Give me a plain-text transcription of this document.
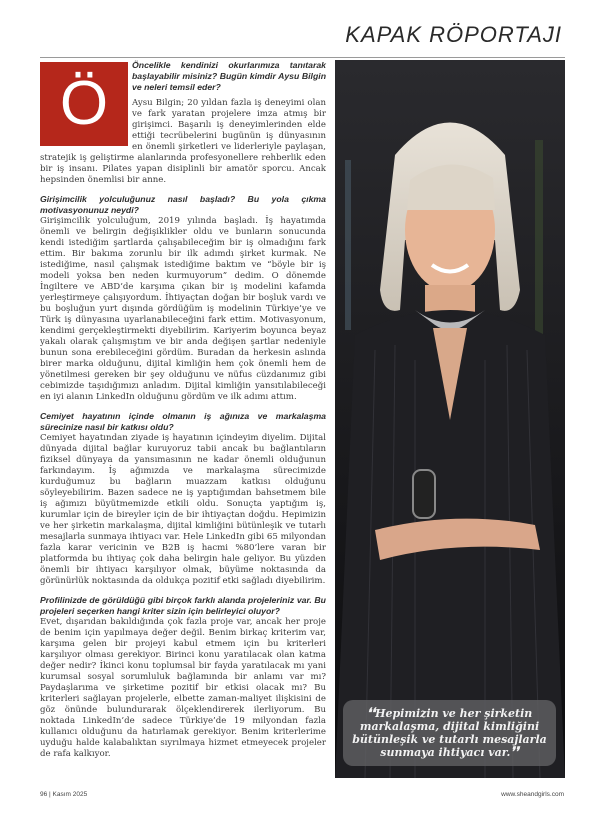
KAPAK RÖPORTAJI

Öncelikle kendinizi okurlarımıza tanıtarak başlayabilir misiniz? Bugün kimdir Aysu Bilgin ve neleri temsil eder?

Aysu Bilgin; 20 yıldan fazla iş deneyimi olan ve fark yaratan projelere imza atmış bir girişimci. Başarılı iş deneyimlerinden elde ettiği tecrübelerini bugünün iş dünyasının en önemli şirketleri ve liderleriyle paylaşan, stratejik iş geliştirme alanlarında profesyonellere rehberlik eden bir iş insanı. Pilates yapan disiplinli bir amatör sporcu. Ancak hepsinden önemlisi bir anne.

Girişimcilik yolculuğunuz nasıl başladı? Bu yola çıkma motivasyonunuz neydi?

Girişimcilik yolculuğum, 2019 yılında başladı. İş hayatımda önemli ve belirgin değişiklikler oldu ve bunların sonucunda kendi istediğim şartlarda çalışabileceğim bir iş olmadığını fark ettim. Bir bakıma zorunlu bir ilk adımdı şirket kurmak. Ne istediğime, nasıl çalışmak istediğime baktım ve “böyle bir iş modeli yoksa ben neden kurmuyorum” dedim. O dönemde İngiltere ve ABD’de karşıma çıkan bir iş modelini kafamda yerleştirmeye çalışıyordum. İhtiyaçtan doğan bir boşluk vardı ve bu boşluğun yurt dışında gördüğüm iş modelinin Türkiye’ye ve Türk iş dünyasına uyarlanabileceğini fark ettim. Motivasyonum, kendimi gerçekleştirmekti diyebilirim. Kariyerim boyunca beyaz yakalı olarak çalışmıştım ve bir anda değişen şartlar nedeniyle bunun sona erebileceğini gördüm. Buradan da herkesin aslında birer marka olduğunu, dijital kimliğin hem çok önemli hem de yönetilmesi gereken bir şey olduğunu ve nüfus cüzdanımız gibi cebimizde taşıdığımızı anladım. Dijital kimliğin yansıtılabileceği en iyi alanın LinkedIn olduğunu gördüm ve ilk adımı attım.

Cemiyet hayatının içinde olmanın iş ağınıza ve markalaşma sürecinize nasıl bir katkısı oldu?

Cemiyet hayatından ziyade iş hayatının içindeyim diyelim. Dijital dünyada dijital bağlar kuruyoruz tabii ancak bu bağlantıların fiziksel dünyaya da yansımasının ne kadar önemli olduğunun farkındayım. İş ağımızda ve markalaşma sürecimizde kurduğumuz bu bağların muazzam katkısı olduğunu söyleyebilirim. Bazen sadece ne iş yaptığımdan bahsetmem bile iş ağımızı büyütmemizde etkili oldu. Sonuçta yaptığım iş, kurumlar için de bireyler için de bir ihtiyaçtan doğdu. Hepimizin ve her şirketin markalaşma, dijital kimliğini bütünleşik ve tutarlı mesajlarla sunmaya ihtiyacı var. Hele LinkedIn gibi 65 milyondan fazla karar vericinin ve B2B iş hacmi %80’lere varan bir platformda bu ihtiyaç çok daha belirgin hale geliyor. Bu yüzden önemli bir ihtiyacı karşılıyor olmak, büyüme noktasında da görünürlük noktasında da oldukça pozitif etki sağladı diyebilirim.

Profilinizde de görüldüğü gibi birçok farklı alanda projeleriniz var. Bu projeleri seçerken hangi kriter sizin için belirleyici oluyor?

Evet, dışarıdan bakıldığında çok fazla proje var, ancak her proje de benim için yapılmaya değer değil. Benim birkaç kriterim var, karşıma gelen bir projeyi kabul etmem için bu kriterleri karşılıyor olması gerekiyor. Birinci konu yaratılacak olan katma değer nedir? İkinci konu toplumsal bir fayda yaratılacak mı yani kurumsal sosyal sorumluluk bağlamında bir anlamı var mı? Paydaşlarıma ve şirketime pozitif bir etkisi olacak mı? Bu kriterleri sağlayan projelerle, elbette zaman-maliyet ilişkisini de göz önünde bulundurarak ölçeklendirerek ilerliyorum. Bu noktada LinkedIn’de sadece Türkiye’de 19 milyondan fazla kullanıcı olduğunu da hatırlamak gerekiyor. Benim kriterlerime uyduğu halde kalabalıktan sıyrılmaya hizmet etmeyecek projeler de rafa kalkıyor.

Ö
❛❛Hepimizin ve her şirketin markalaşma, dijital kimliğini bütünleşik ve tutarlı mesajlarla sunmaya ihtiyacı var.❜❜
96 | Kasım 2025	www.sheandgirls.com
